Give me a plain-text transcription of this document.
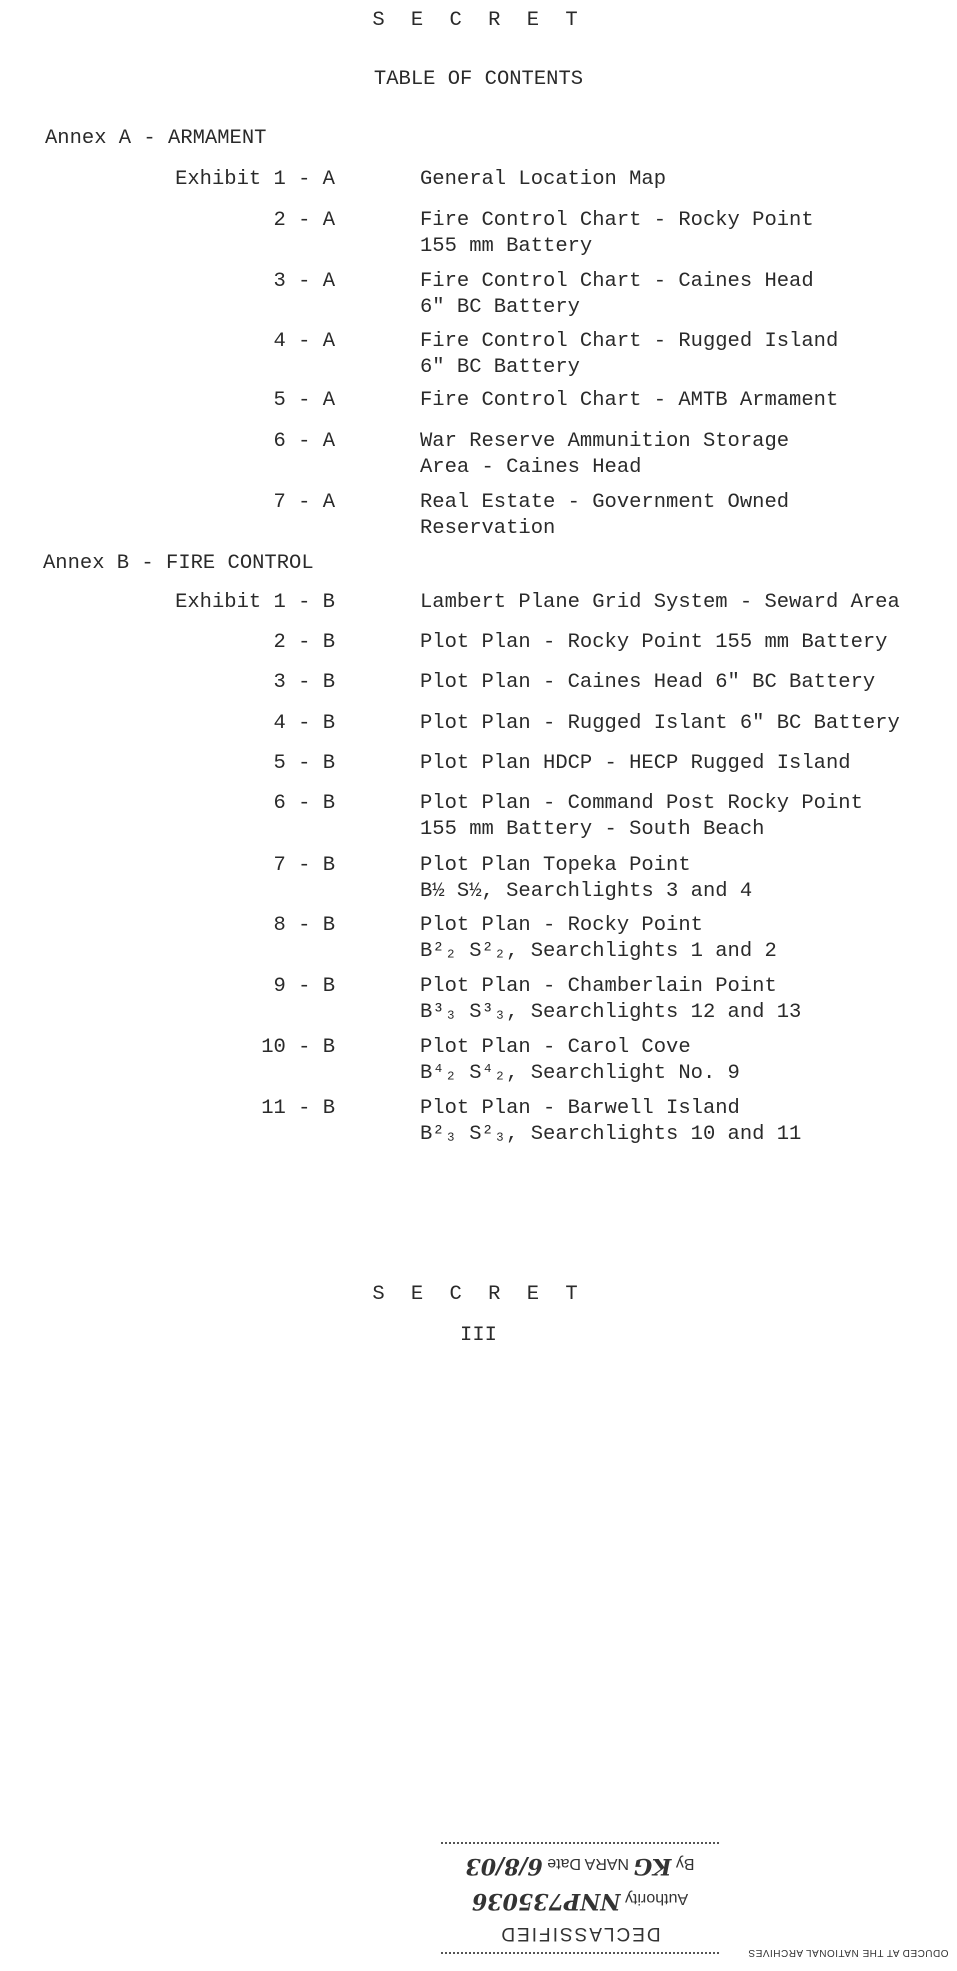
S E C R E T
TABLE OF CONTENTS
Annex A - ARMAMENT
Exhibit 1 - A	General Location Map
2 - A	Fire Control Chart - Rocky Point
155 mm Battery
3 - A	Fire Control Chart - Caines Head
6" BC Battery
4 - A	Fire Control Chart - Rugged Island
6" BC Battery
5 - A	Fire Control Chart - AMTB Armament
6 - A	War Reserve Ammunition Storage
Area - Caines Head
7 - A	Real Estate - Government Owned
Reservation
Annex B - FIRE CONTROL
Exhibit 1 - B	Lambert Plane Grid System - Seward Area
2 - B	Plot Plan - Rocky Point 155 mm Battery
3 - B	Plot Plan - Caines Head 6" BC Battery
4 - B	Plot Plan - Rugged Islant 6" BC Battery
5 - B	Plot Plan HDCP - HECP Rugged Island
6 - B	Plot Plan - Command Post Rocky Point
155 mm Battery - South Beach
7 - B	Plot Plan Topeka Point
B½ S½, Searchlights 3 and 4
8 - B	Plot Plan - Rocky Point
B²₂ S²₂, Searchlights 1 and 2
9 - B	Plot Plan - Chamberlain Point
B³₃ S³₃, Searchlights 12 and 13
10 - B	Plot Plan - Carol Cove
B⁴₂ S⁴₂, Searchlight No. 9
11 - B	Plot Plan - Barwell Island
B²₃ S²₃, Searchlights 10 and 11
S E C R E T
III
DECLASSIFIED
Authority NNP735036
By KG NARA Date 6/8/03
ODUCED AT THE NATIONAL ARCHIVES
